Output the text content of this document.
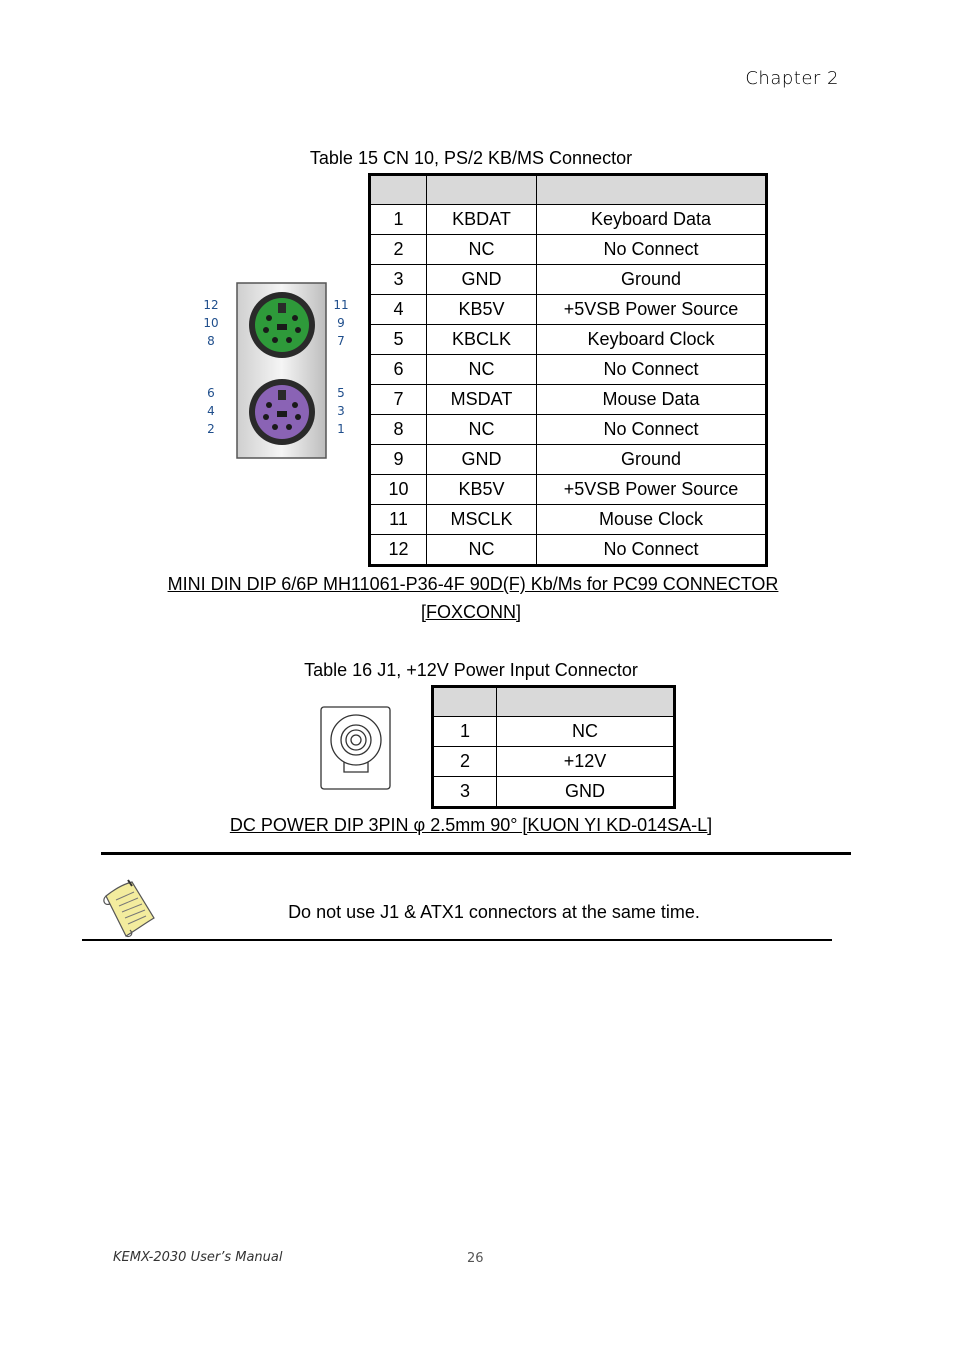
Chapter 2
Table 15 CN 10, PS/2 KB/MS Connector
12
10
8
6
4
2
11
9
7
5
3
1

1	KBDAT	Keyboard Data
2	NC	No Connect
3	GND	Ground
4	KB5V	+5VSB Power Source
5	KBCLK	Keyboard Clock
6	NC	No Connect
7	MSDAT	Mouse Data
8	NC	No Connect
9	GND	Ground
10	KB5V	+5VSB Power Source
11	MSCLK	Mouse Clock
12	NC	No Connect
MINI DIN DIP 6/6P MH11061-P36-4F 90D(F) Kb/Ms for PC99 CONNECTOR
[FOXCONN]
Table 16 J1, +12V Power Input Connector

1	NC
2	+12V
3	GND
DC POWER DIP 3PIN φ 2.5mm 90° [KUON YI KD-014SA-L]
Do not use J1 & ATX1 connectors at the same time.
KEMX-2030 User’s Manual	26
